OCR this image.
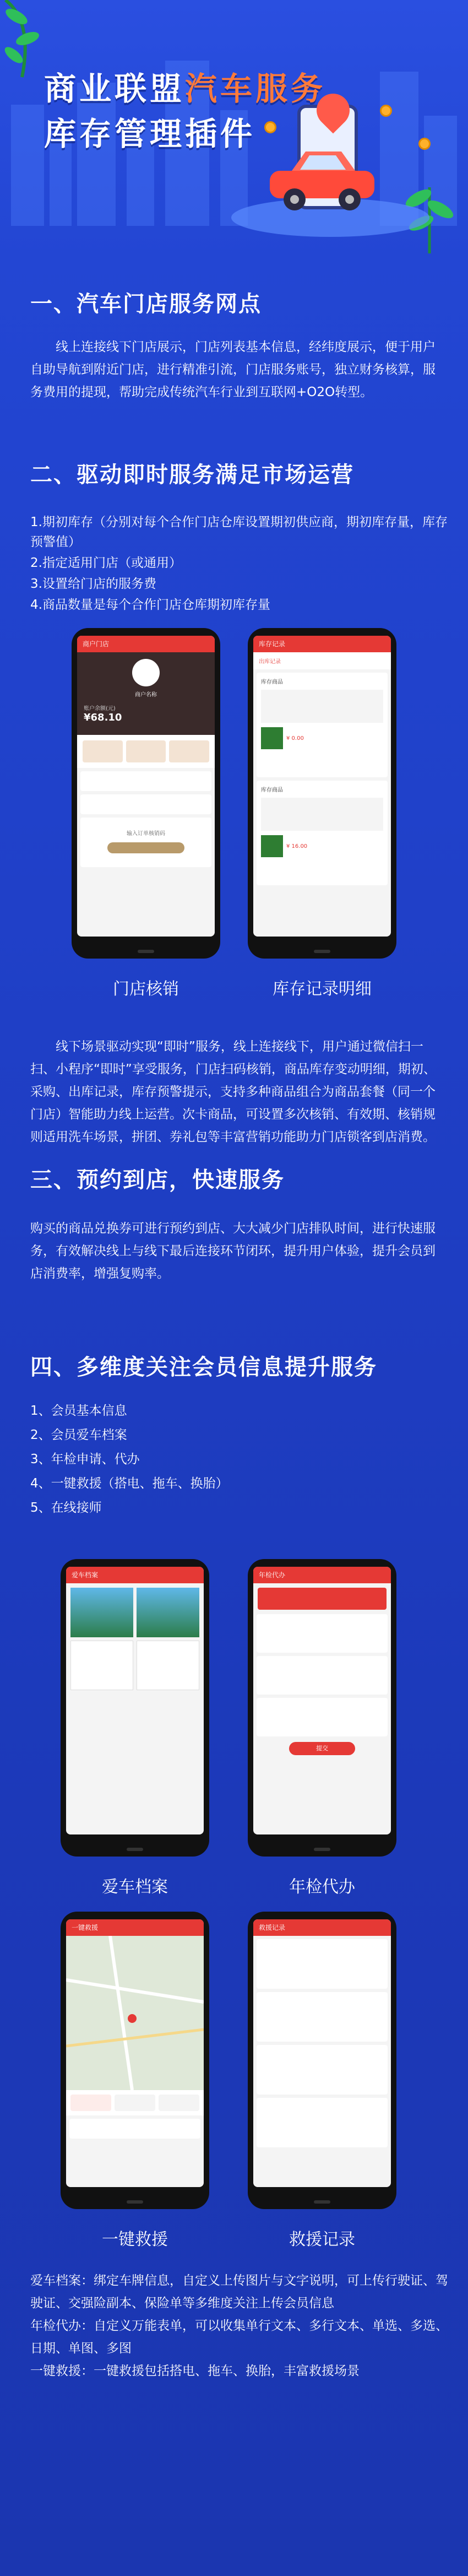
商业联盟汽车服务
库存管理插件
一、汽车门店服务网点
线上连接线下门店展示，门店列表基本信息，经纬度展示，便于用户自助导航到附近门店，进行精准引流，门店服务账号，独立财务核算，服务费用的提现，帮助完成传统汽车行业到互联网+O2O转型。
二、驱动即时服务满足市场运营
1.期初库存（分别对每个合作门店仓库设置期初供应商，期初库存量，库存预警值）
2.指定适用门店（或通用）
3.设置给门店的服务费
4.商品数量是每个合作门店仓库期初库存量
商户门店
商户名称
账户余额(元)
¥68.10
输入订单核销码
门店核销
库存记录
出库记录
库存商品
¥ 0.00
库存商品
¥ 16.00
库存记录明细
线下场景驱动实现“即时”服务，线上连接线下，用户通过微信扫一扫、小程序“即时”享受服务，门店扫码核销，商品库存变动明细，期初、采购、出库记录，库存预警提示，支持多种商品组合为商品套餐（同一个门店）智能助力线上运营。次卡商品，可设置多次核销、有效期、核销规则适用洗车场景，拼团、券礼包等丰富营销功能助力门店锁客到店消费。
三、预约到店，快速服务
购买的商品兑换券可进行预约到店、大大减少门店排队时间，进行快速服务，有效解决线上与线下最后连接环节闭环，提升用户体验，提升会员到店消费率，增强复购率。
四、多维度关注会员信息提升服务
1、会员基本信息
2、会员爱车档案
3、年检申请、代办
4、一键救援（搭电、拖车、换胎）
5、在线接师
爱车档案
爱车档案
年检代办
提交
年检代办
一键救援
一键救援
救援记录
救援记录
爱车档案：绑定车牌信息，自定义上传图片与文字说明，可上传行驶证、驾驶证、交强险副本、保险单等多维度关注上传会员信息
年检代办：自定义万能表单，可以收集单行文本、多行文本、单选、多选、日期、单图、多图
一键救援：一键救援包括搭电、拖车、换胎，丰富救援场景
